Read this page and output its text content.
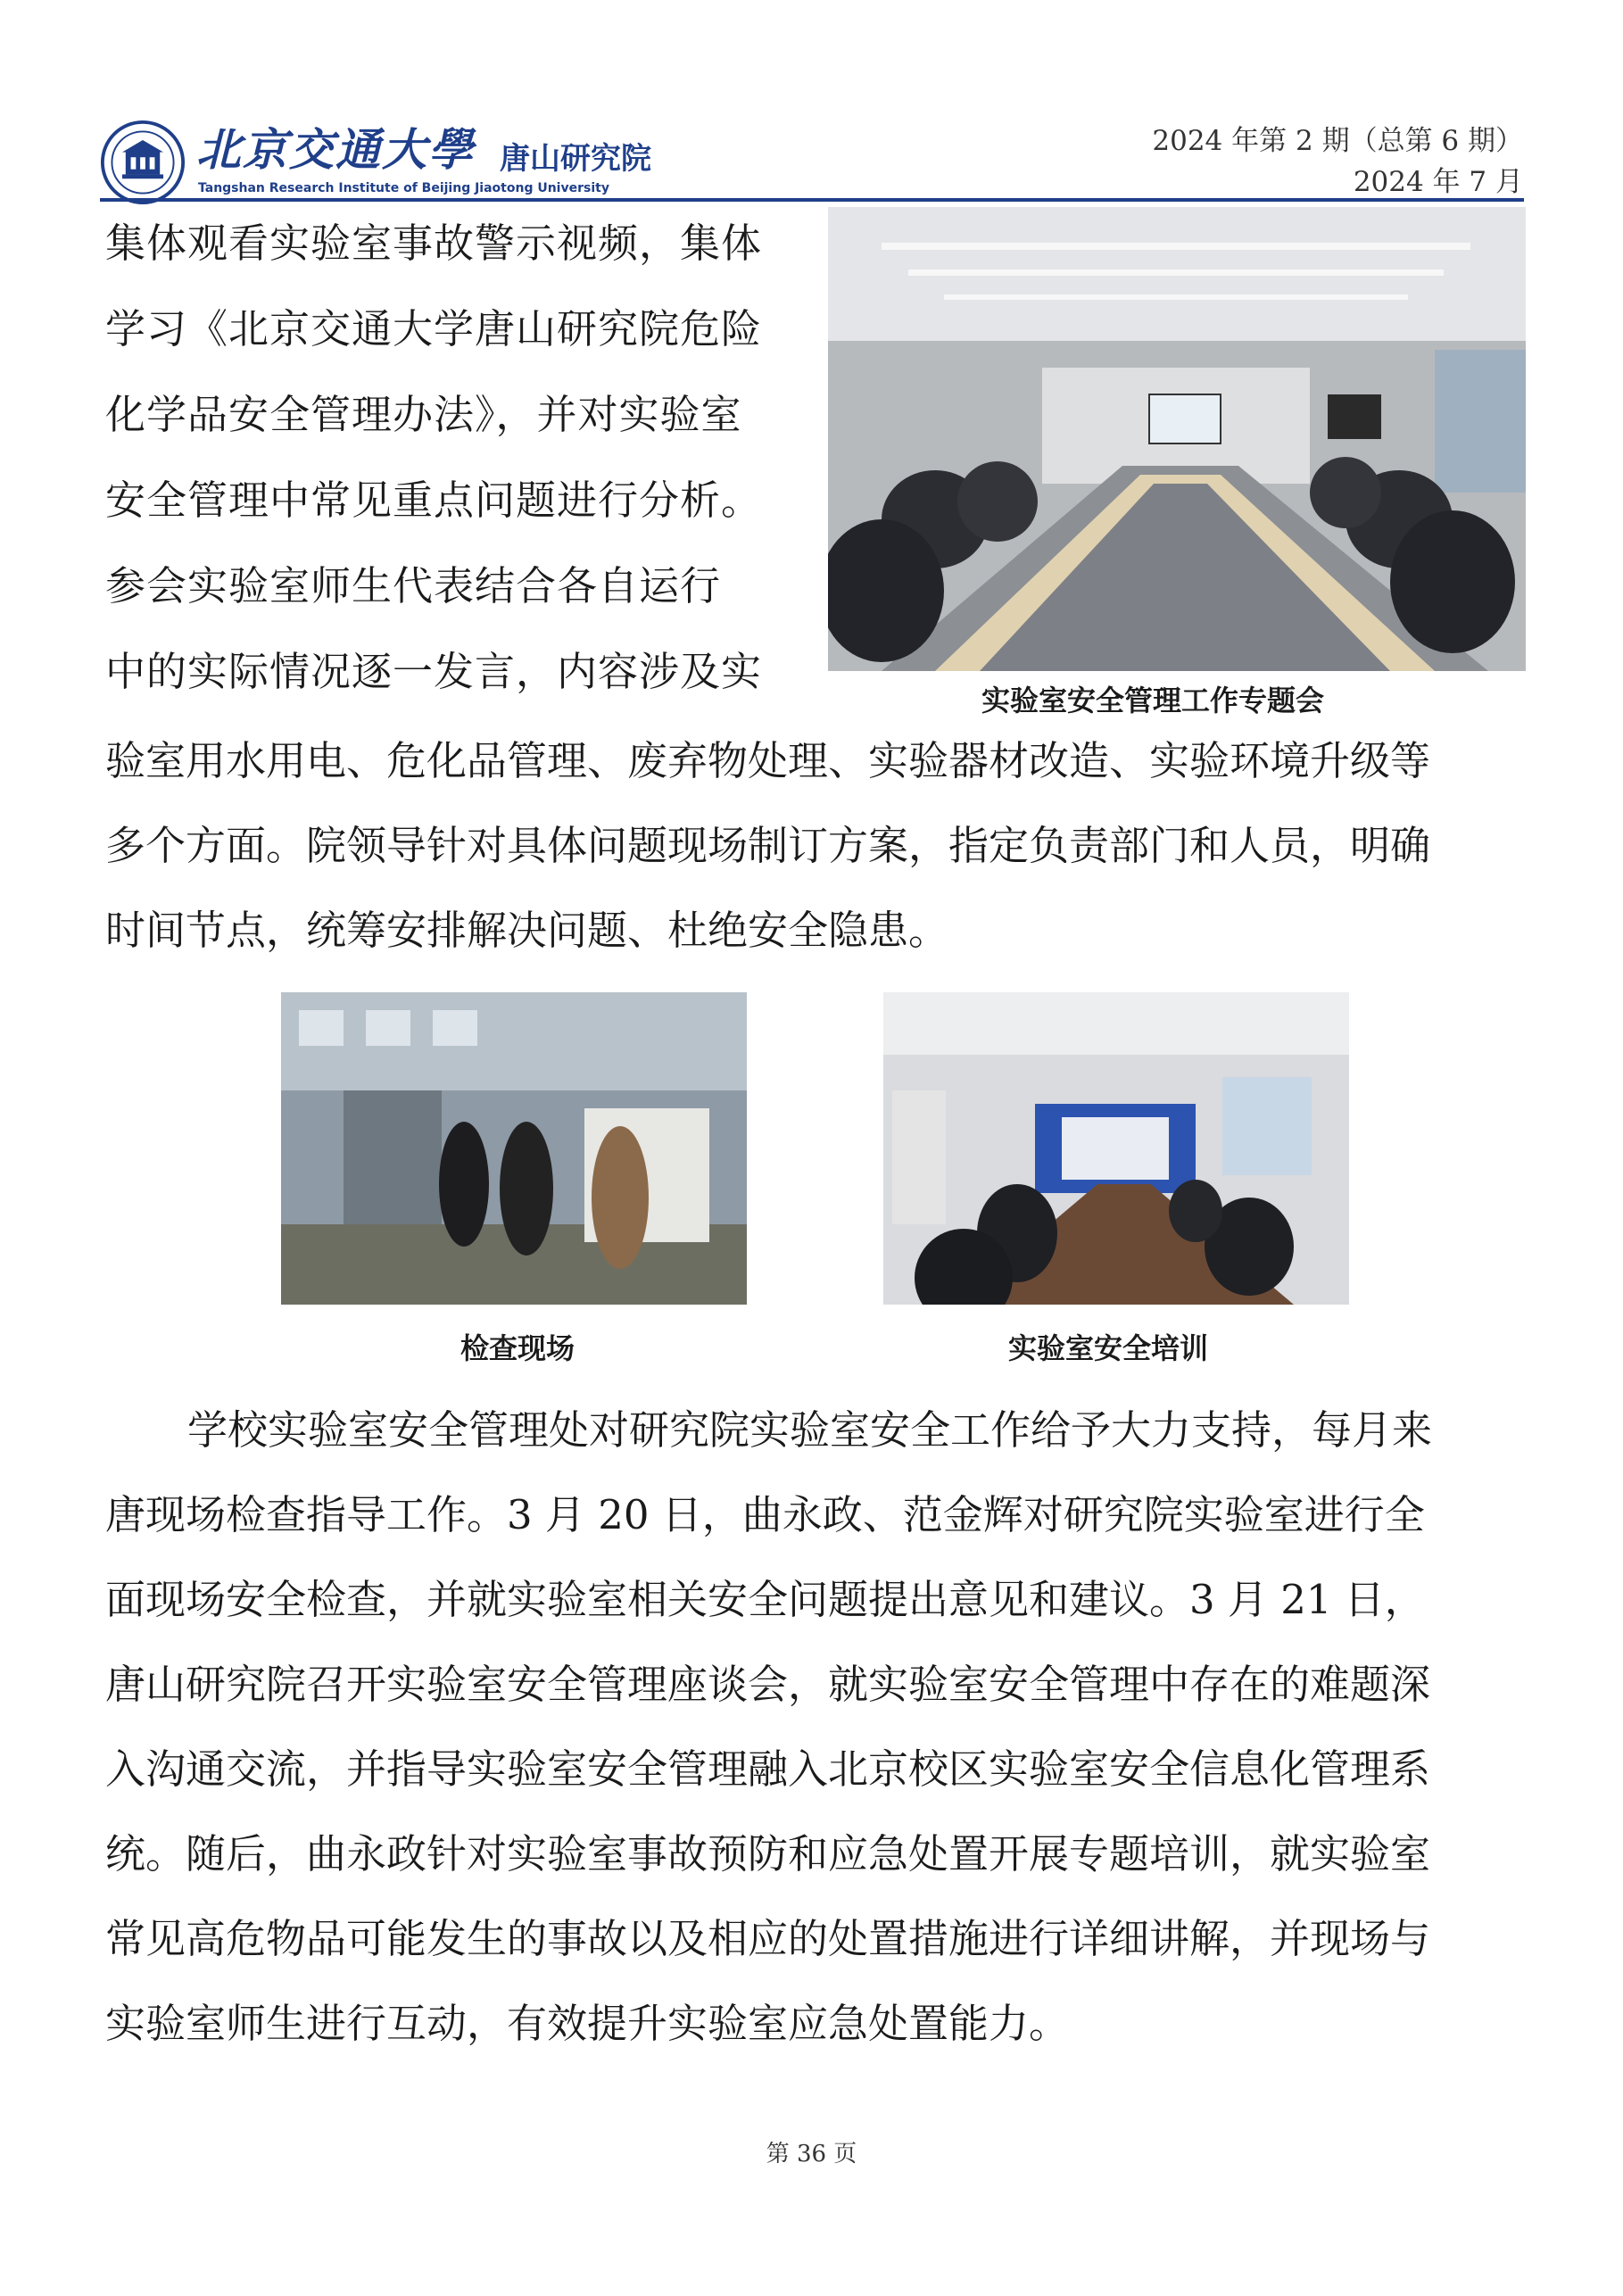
北京交通大學 唐山研究院
Tangshan Research Institute of Beijing Jiaotong University
2024 年第 2 期（总第 6 期）
2024 年 7 月
集体观看实验室事故警示视频，集体
学习《北京交通大学唐山研究院危险
化学品安全管理办法》，并对实验室
安全管理中常见重点问题进行分析。
参会实验室师生代表结合各自运行
中的实际情况逐一发言，内容涉及实
验室用水用电、危化品管理、废弃物处理、实验器材改造、实验环境升级等
多个方面。院领导针对具体问题现场制订方案，指定负责部门和人员，明确
时间节点，统筹安排解决问题、杜绝安全隐患。
实验室安全管理工作专题会
检查现场	实验室安全培训
学校实验室安全管理处对研究院实验室安全工作给予大力支持，每月来
唐现场检查指导工作。3 月 20 日，曲永政、范金辉对研究院实验室进行全
面现场安全检查，并就实验室相关安全问题提出意见和建议。3 月 21 日，
唐山研究院召开实验室安全管理座谈会，就实验室安全管理中存在的难题深
入沟通交流，并指导实验室安全管理融入北京校区实验室安全信息化管理系
统。随后，曲永政针对实验室事故预防和应急处置开展专题培训，就实验室
常见高危物品可能发生的事故以及相应的处置措施进行详细讲解，并现场与
实验室师生进行互动，有效提升实验室应急处置能力。
第 36 页
